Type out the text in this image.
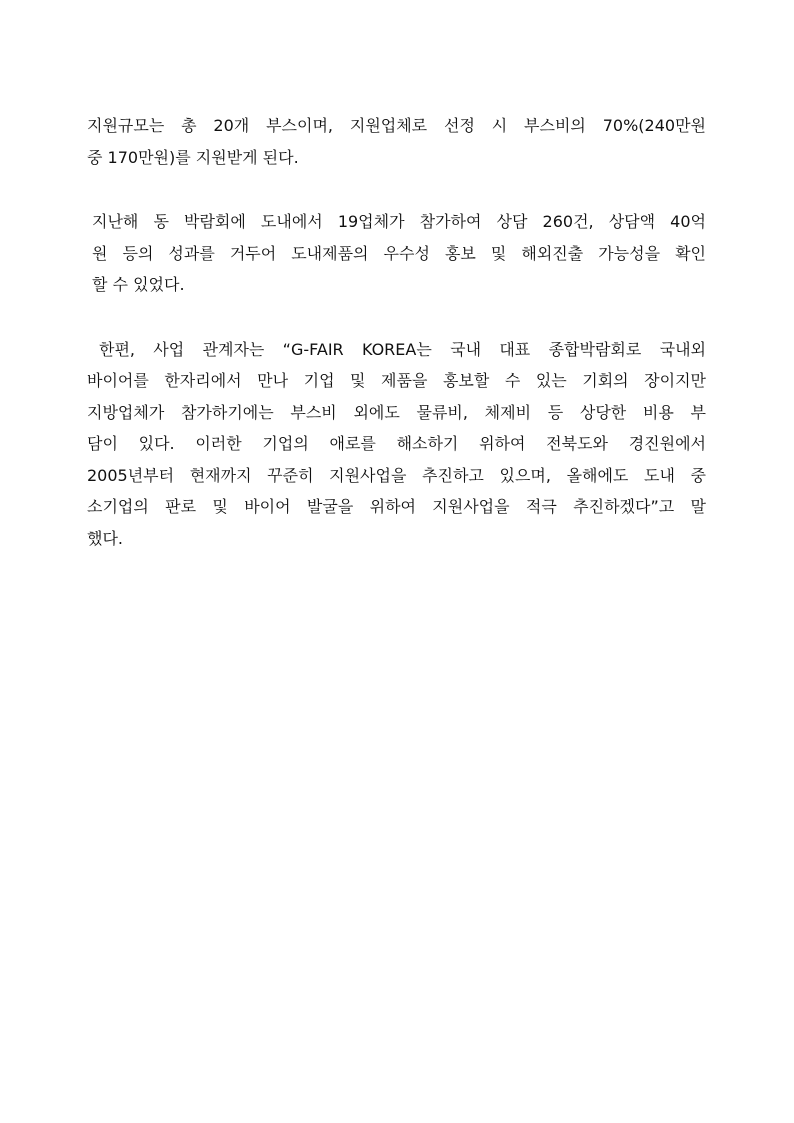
지원규모는 총 20개 부스이며, 지원업체로 선정 시 부스비의 70%(240만원
중 170만원)를 지원받게 된다.
지난해 동 박람회에 도내에서 19업체가 참가하여 상담 260건, 상담액 40억
원 등의 성과를 거두어 도내제품의 우수성 홍보 및 해외진출 가능성을 확인
할 수 있었다.
한편, 사업 관계자는 “G-FAIR KOREA는 국내 대표 종합박람회로 국내외
바이어를 한자리에서 만나 기업 및 제품을 홍보할 수 있는 기회의 장이지만
지방업체가 참가하기에는 부스비 외에도 물류비, 체제비 등 상당한 비용 부
담이 있다. 이러한 기업의 애로를 해소하기 위하여 전북도와 경진원에서
2005년부터 현재까지 꾸준히 지원사업을 추진하고 있으며, 올해에도 도내 중
소기업의 판로 및 바이어 발굴을 위하여 지원사업을 적극 추진하겠다”고 말
했다.
